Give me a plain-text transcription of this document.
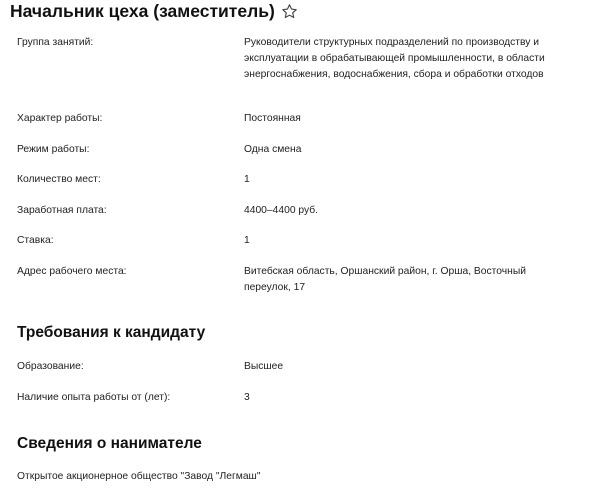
Начальник цеха (заместитель)
Группа занятий:	Руководители структурных подразделений по производству и эксплуатации в обрабатывающей промышленности, в области энергоснабжения, водоснабжения, сбора и обработки отходов
Характер работы:	Постоянная
Режим работы:	Одна смена
Количество мест:	1
Заработная плата:	4400–4400 руб.
Ставка:	1
Адрес рабочего места:	Витебская область, Оршанский район, г. Орша, Восточный переулок, 17
Требования к кандидату
Образование:	Высшее
Наличие опыта работы от (лет):	3
Сведения о нанимателе
Открытое акционерное общество "Завод "Легмаш"
